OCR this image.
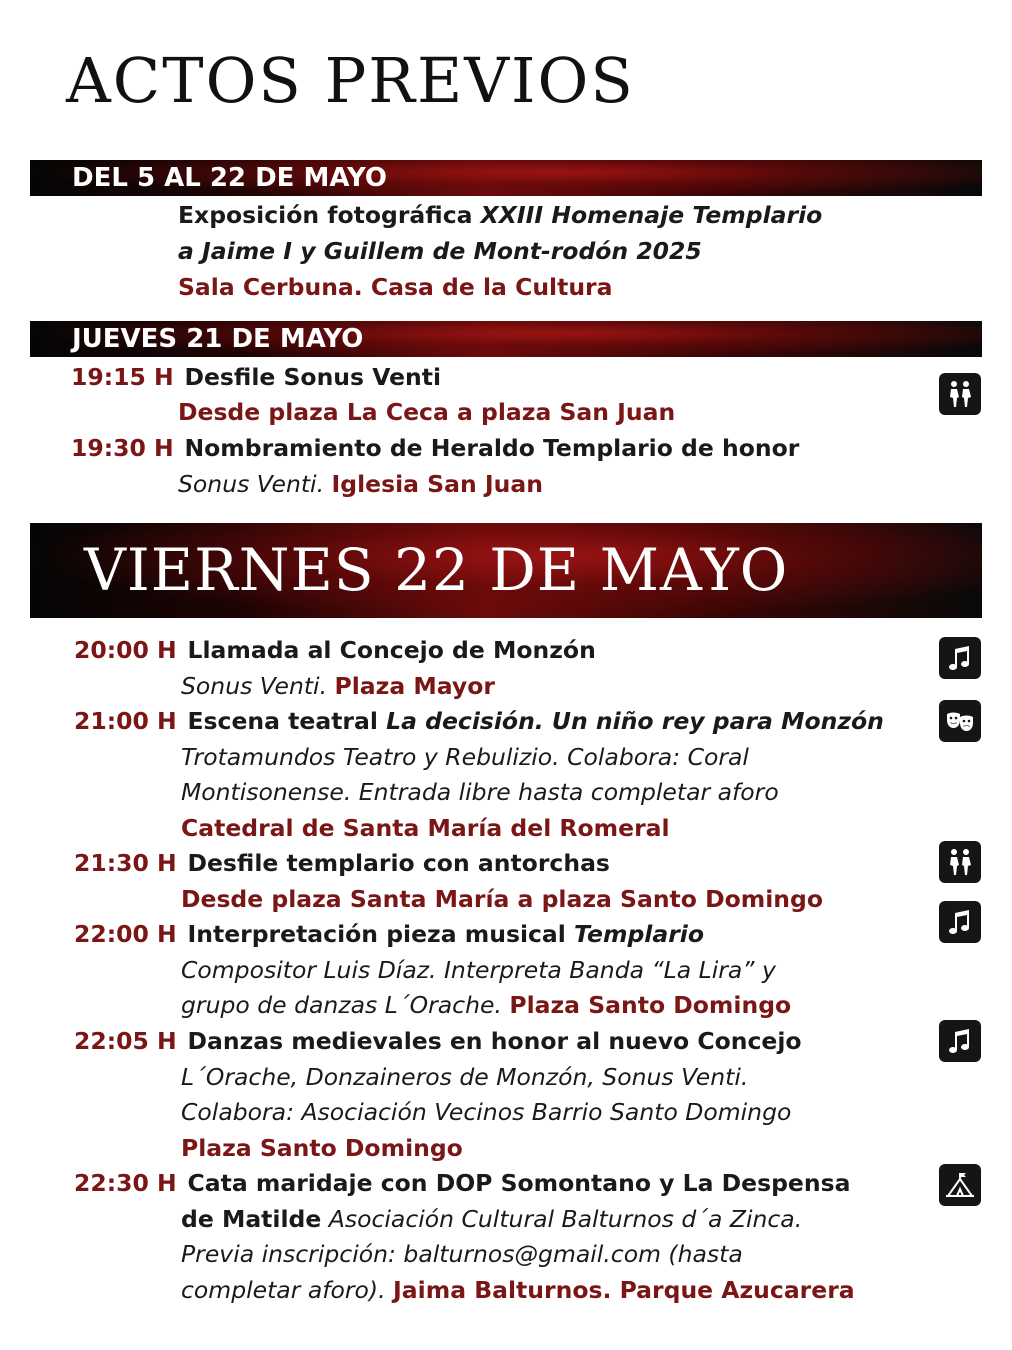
ACTOS PREVIOS
DEL 5 AL 22 DE MAYO
Exposición fotográfica XXIII Homenaje Templario
a Jaime I y Guillem de Mont-rodón 2025
Sala Cerbuna. Casa de la Cultura
JUEVES 21 DE MAYO
19:15 H Desfile Sonus Venti
Desde plaza La Ceca a plaza San Juan
19:30 H Nombramiento de Heraldo Templario de honor
Sonus Venti. Iglesia San Juan
VIERNES 22 DE MAYO
20:00 H Llamada al Concejo de Monzón
Sonus Venti. Plaza Mayor
21:00 H Escena teatral La decisión. Un niño rey para Monzón
Trotamundos Teatro y Rebulizio. Colabora: Coral
Montisonense. Entrada libre hasta completar aforo
Catedral de Santa María del Romeral
21:30 H Desfile templario con antorchas
Desde plaza Santa María a plaza Santo Domingo
22:00 H Interpretación pieza musical Templario
Compositor Luis Díaz. Interpreta Banda “La Lira” y
grupo de danzas L´Orache. Plaza Santo Domingo
22:05 H Danzas medievales en honor al nuevo Concejo
L´Orache, Donzaineros de Monzón, Sonus Venti.
Colabora: Asociación Vecinos Barrio Santo Domingo
Plaza Santo Domingo
22:30 H Cata maridaje con DOP Somontano y La Despensa
de Matilde Asociación Cultural Balturnos d´a Zinca.
Previa inscripción: balturnos@gmail.com (hasta
completar aforo). Jaima Balturnos. Parque Azucarera
